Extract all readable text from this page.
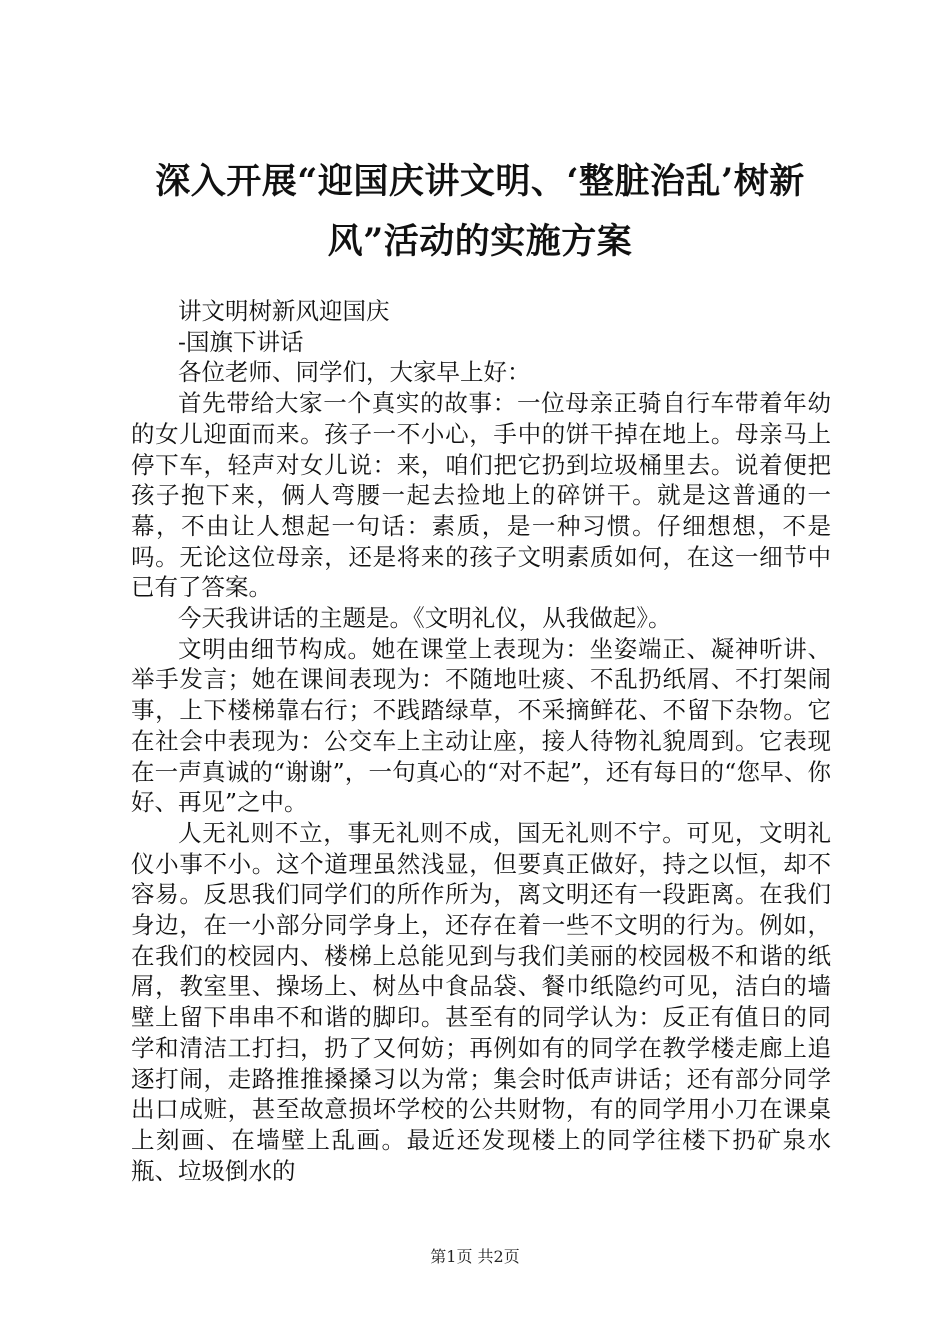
深入开展“迎国庆讲文明、‘整脏治乱’树新
风”活动的实施方案

讲文明树新风迎国庆

-国旗下讲话

各位老师、同学们，大家早上好：

首先带给大家一个真实的故事：一位母亲正骑自行车带着年幼的女儿迎面而来。孩子一不小心，手中的饼干掉在地上。母亲马上停下车，轻声对女儿说：来，咱们把它扔到垃圾桶里去。说着便把孩子抱下来，俩人弯腰一起去捡地上的碎饼干。就是这普通的一幕，不由让人想起一句话：素质，是一种习惯。仔细想想，不是吗。无论这位母亲，还是将来的孩子文明素质如何，在这一细节中已有了答案。

今天我讲话的主题是。《文明礼仪，从我做起》。

文明由细节构成。她在课堂上表现为：坐姿端正、凝神听讲、举手发言；她在课间表现为：不随地吐痰、不乱扔纸屑、不打架闹事，上下楼梯靠右行；不践踏绿草，不采摘鲜花、不留下杂物。它在社会中表现为：公交车上主动让座，接人待物礼貌周到。它表现在一声真诚的“谢谢”，一句真心的“对不起”，还有每日的“您早、你好、再见”之中。

人无礼则不立，事无礼则不成，国无礼则不宁。可见，文明礼仪小事不小。这个道理虽然浅显，但要真正做好，持之以恒，却不容易。反思我们同学们的所作所为，离文明还有一段距离。在我们身边，在一小部分同学身上，还存在着一些不文明的行为。例如，在我们的校园内、楼梯上总能见到与我们美丽的校园极不和谐的纸屑，教室里、操场上、树丛中食品袋、餐巾纸隐约可见，洁白的墙壁上留下串串不和谐的脚印。甚至有的同学认为：反正有值日的同学和清洁工打扫，扔了又何妨；再例如有的同学在教学楼走廊上追逐打闹，走路推推搡搡习以为常；集会时低声讲话；还有部分同学出口成赃，甚至故意损坏学校的公共财物，有的同学用小刀在课桌上刻画、在墙壁上乱画。最近还发现楼上的同学往楼下扔矿泉水瓶、垃圾倒水的

第1页 共2页
